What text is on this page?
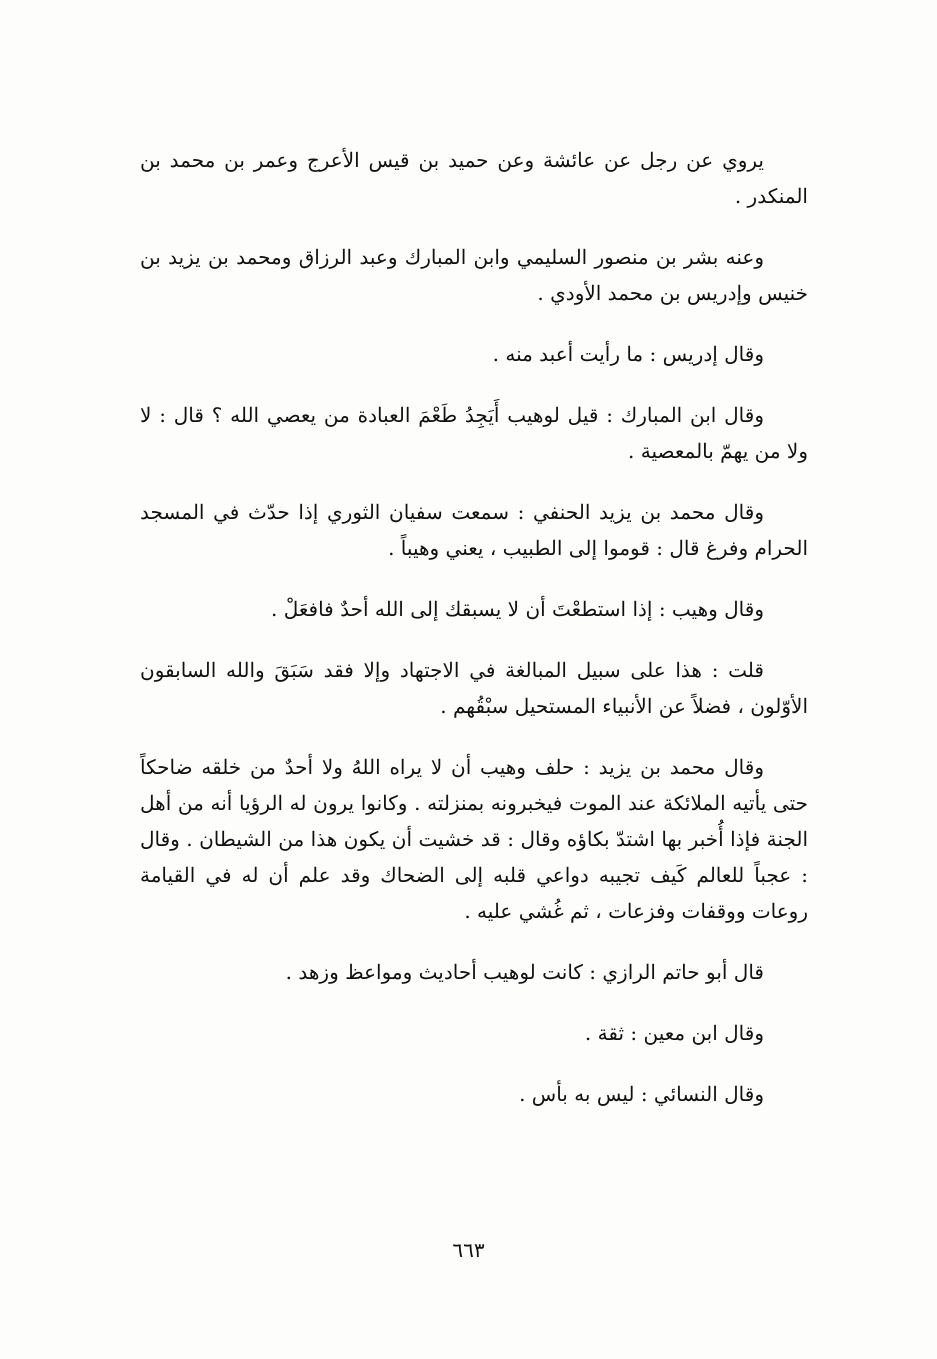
يروي عن رجل عن عائشة وعن حميد بن قيس الأعرج وعمر بن محمد بن المنكدر .

وعنه بشر بن منصور السليمي وابن المبارك وعبد الرزاق ومحمد بن يزيد بن خنيس وإدريس بن محمد الأودي .

وقال إدريس : ما رأيت أعبد منه .

وقال ابن المبارك : قيل لوهيب أَيَجِدُ طَعْمَ العبادة من يعصي الله ؟ قال : لا ولا من يهمّ بالمعصية .

وقال محمد بن يزيد الحنفي : سمعت سفيان الثوري إذا حدّث في المسجد الحرام وفرغ قال : قوموا إلى الطبيب ، يعني وهيباً .

وقال وهيب : إذا استطعْتَ أن لا يسبقك إلى الله أحدٌ فافعَلْ .

قلت : هذا على سبيل المبالغة في الاجتهاد وإلا فقد سَبَقَ والله السابقون الأوّلون ، فضلاً عن الأنبياء المستحيل سبْقُهم .

وقال محمد بن يزيد : حلف وهيب أن لا يراه اللهُ ولا أحدٌ من خلقه ضاحكاً حتى يأتيه الملائكة عند الموت فيخبرونه بمنزلته . وكانوا يرون له الرؤيا أنه من أهل الجنة فإذا أُخبر بها اشتدّ بكاؤه وقال : قد خشيت أن يكون هذا من الشيطان . وقال : عجباً للعالم كَيف تجيبه دواعي قلبه إلى الضحاك وقد علم أن له في القيامة روعات ووقفات وفزعات ، ثم غُشي عليه .

قال أبو حاتم الرازي : كانت لوهيب أحاديث ومواعظ وزهد .

وقال ابن معين : ثقة .

وقال النسائي : ليس به بأس .

٦٦٣
